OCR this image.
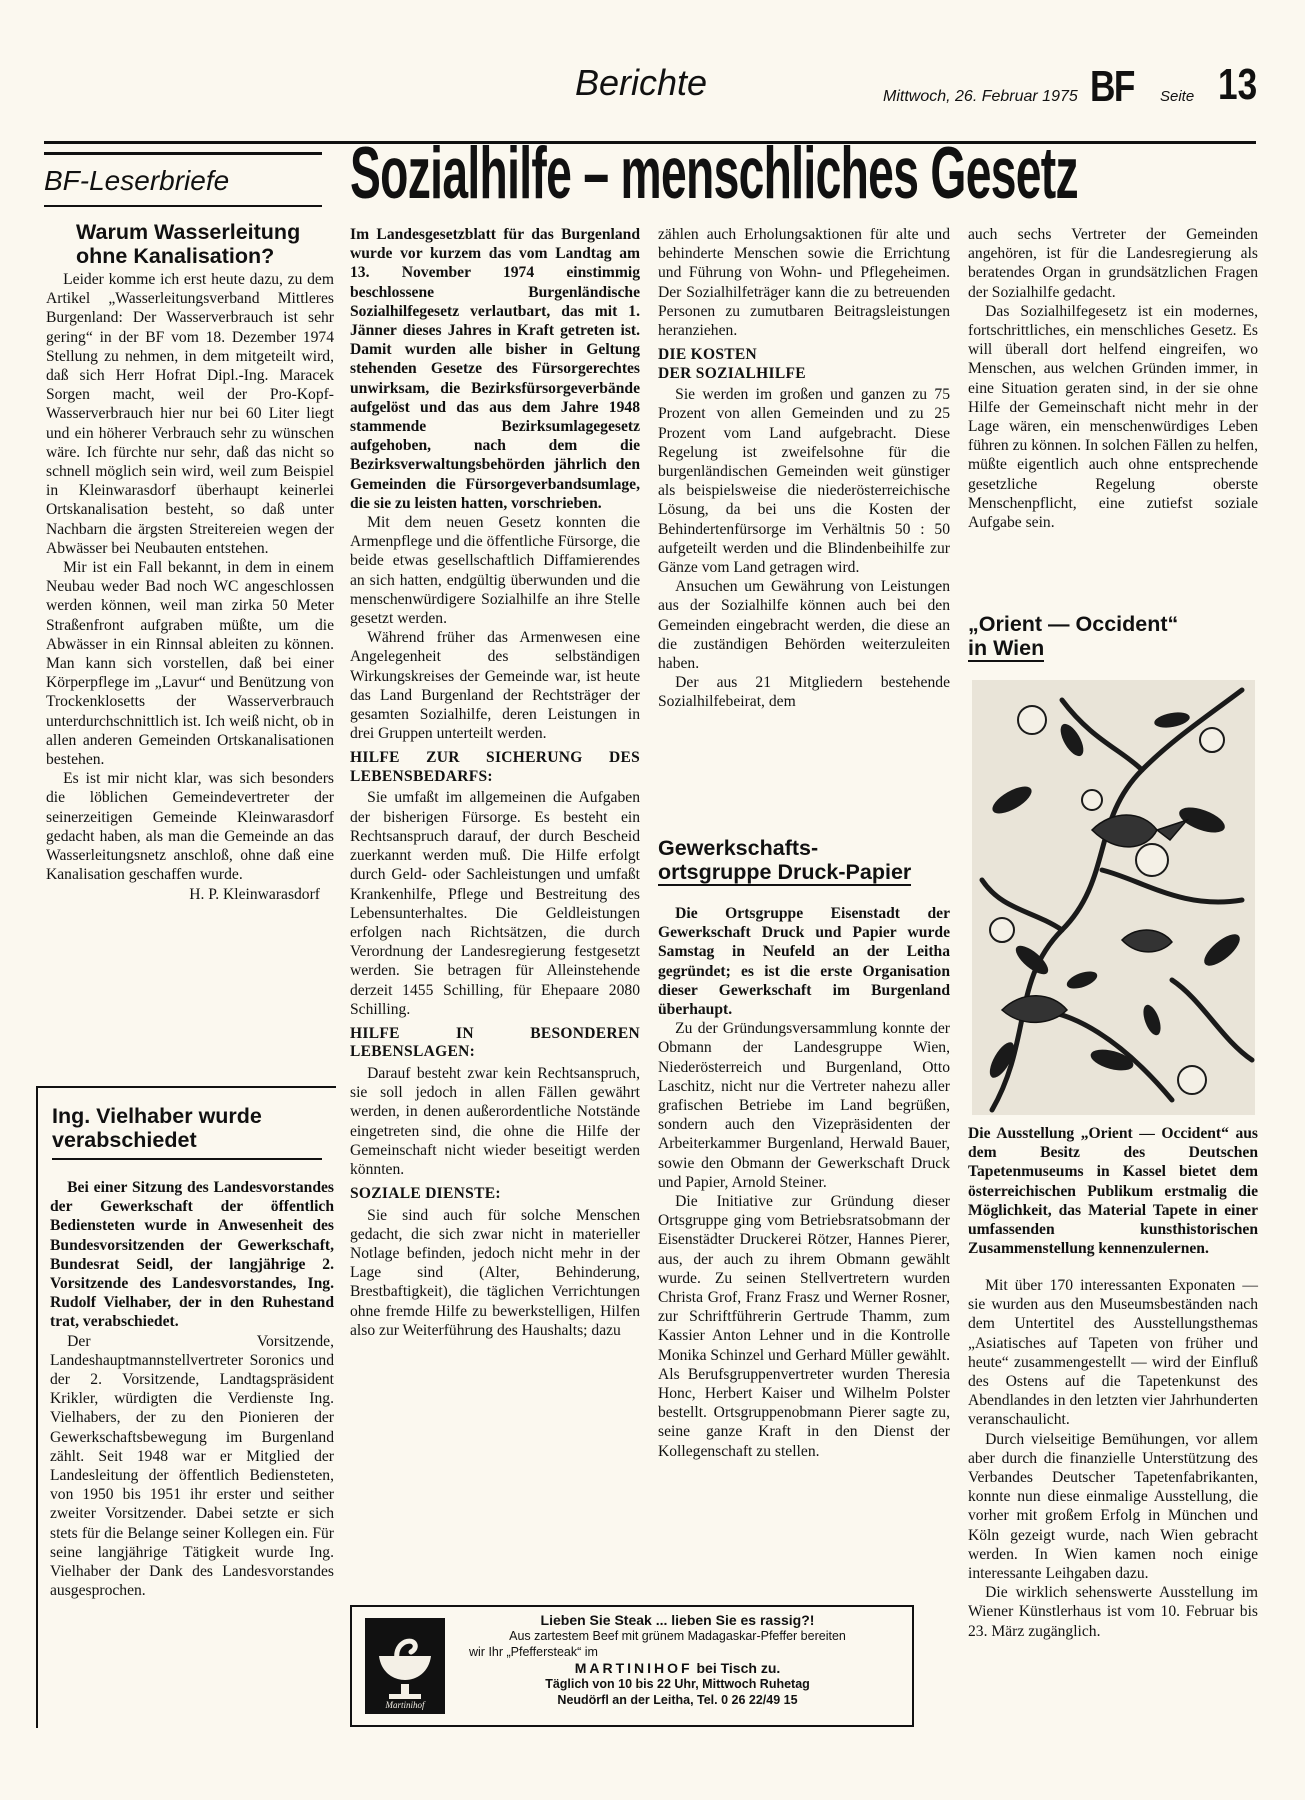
Berichte	Mittwoch, 26. Februar 1975 BF Seite 13
BF-Leserbriefe
Warum Wasserleitung ohne Kanalisation?

Leider komme ich erst heute dazu, zu dem Artikel „Wasserleitungsverband Mittleres Burgenland: Der Wasserverbrauch ist sehr gering“ in der BF vom 18. Dezember 1974 Stellung zu nehmen, in dem mitgeteilt wird, daß sich Herr Hofrat Dipl.-Ing. Maracek Sorgen macht, weil der Pro-Kopf-Wasserverbrauch hier nur bei 60 Liter liegt und ein höherer Verbrauch sehr zu wünschen wäre. Ich fürchte nur sehr, daß das nicht so schnell möglich sein wird, weil zum Beispiel in Kleinwarasdorf überhaupt keinerlei Ortskanalisation besteht, so daß unter Nachbarn die ärgsten Streitereien wegen der Abwässer bei Neubauten entstehen.

Mir ist ein Fall bekannt, in dem in einem Neubau weder Bad noch WC angeschlossen werden können, weil man zirka 50 Meter Straßenfront aufgraben müßte, um die Abwässer in ein Rinnsal ableiten zu können. Man kann sich vorstellen, daß bei einer Körperpflege im „Lavur“ und Benützung von Trockenklosetts der Wasserverbrauch unterdurchschnittlich ist. Ich weiß nicht, ob in allen anderen Gemeinden Ortskanalisationen bestehen.

Es ist mir nicht klar, was sich besonders die löblichen Gemeindevertreter der seinerzeitigen Gemeinde Kleinwarasdorf gedacht haben, als man die Gemeinde an das Wasserleitungsnetz anschloß, ohne daß eine Kanalisation geschaffen wurde.

H. P. Kleinwarasdorf

Ing. Vielhaber wurde verabschiedet

Bei einer Sitzung des Landesvorstandes der Gewerkschaft der öffentlich Bediensteten wurde in Anwesenheit des Bundesvorsitzenden der Gewerkschaft, Bundesrat Seidl, der langjährige 2. Vorsitzende des Landesvorstandes, Ing. Rudolf Vielhaber, der in den Ruhestand trat, verabschiedet.

Der Vorsitzende, Landeshauptmannstellvertreter Soronics und der 2. Vorsitzende, Landtagspräsident Krikler, würdigten die Verdienste Ing. Vielhabers, der zu den Pionieren der Gewerkschaftsbewegung im Burgenland zählt. Seit 1948 war er Mitglied der Landesleitung der öffentlich Bediensteten, von 1950 bis 1951 ihr erster und seither zweiter Vorsitzender. Dabei setzte er sich stets für die Belange seiner Kollegen ein. Für seine langjährige Tätigkeit wurde Ing. Vielhaber der Dank des Landesvorstandes ausgesprochen.

Sozialhilfe – menschliches Gesetz

Im Landesgesetzblatt für das Burgenland wurde vor kurzem das vom Landtag am 13. November 1974 einstimmig beschlossene Burgenländische Sozialhilfegesetz verlautbart, das mit 1. Jänner dieses Jahres in Kraft getreten ist. Damit wurden alle bisher in Geltung stehenden Gesetze des Fürsorgerechtes unwirksam, die Bezirksfürsorgeverbände aufgelöst und das aus dem Jahre 1948 stammende Bezirksumlagegesetz aufgehoben, nach dem die Bezirksverwaltungsbehörden jährlich den Gemeinden die Fürsorgeverbandsumlage, die sie zu leisten hatten, vorschrieben.

Mit dem neuen Gesetz konnten die Armenpflege und die öffentliche Fürsorge, die beide etwas gesellschaftlich Diffamierendes an sich hatten, endgültig überwunden und die menschenwürdigere Sozialhilfe an ihre Stelle gesetzt werden.

Während früher das Armenwesen eine Angelegenheit des selbständigen Wirkungskreises der Gemeinde war, ist heute das Land Burgenland der Rechtsträger der gesamten Sozialhilfe, deren Leistungen in drei Gruppen unterteilt werden.

HILFE ZUR SICHERUNG DES LEBENSBEDARFS:

Sie umfaßt im allgemeinen die Aufgaben der bisherigen Fürsorge. Es besteht ein Rechtsanspruch darauf, der durch Bescheid zuerkannt werden muß. Die Hilfe erfolgt durch Geld- oder Sachleistungen und umfaßt Krankenhilfe, Pflege und Bestreitung des Lebensunterhaltes. Die Geldleistungen erfolgen nach Richtsätzen, die durch Verordnung der Landesregierung festgesetzt werden. Sie betragen für Alleinstehende derzeit 1455 Schilling, für Ehepaare 2080 Schilling.

HILFE IN BESONDEREN LEBENSLAGEN:

Darauf besteht zwar kein Rechtsanspruch, sie soll jedoch in allen Fällen gewährt werden, in denen außerordentliche Notstände eingetreten sind, die ohne die Hilfe der Gemeinschaft nicht wieder beseitigt werden könnten.

SOZIALE DIENSTE:

Sie sind auch für solche Menschen gedacht, die sich zwar nicht in materieller Notlage befinden, jedoch nicht mehr in der Lage sind (Alter, Behinderung, Brestbaftigkeit), die täglichen Verrichtungen ohne fremde Hilfe zu bewerkstelligen, Hilfen also zur Weiterführung des Haushalts; dazu

zählen auch Erholungsaktionen für alte und behinderte Menschen sowie die Errichtung und Führung von Wohn- und Pflegeheimen. Der Sozialhilfeträger kann die zu betreuenden Personen zu zumutbaren Beitragsleistungen heranziehen.

DIE KOSTEN
DER SOZIALHILFE

Sie werden im großen und ganzen zu 75 Prozent von allen Gemeinden und zu 25 Prozent vom Land aufgebracht. Diese Regelung ist zweifelsohne für die burgenländischen Gemeinden weit günstiger als beispielsweise die niederösterreichische Lösung, da bei uns die Kosten der Behindertenfürsorge im Verhältnis 50 : 50 aufgeteilt werden und die Blindenbeihilfe zur Gänze vom Land getragen wird.

Ansuchen um Gewährung von Leistungen aus der Sozialhilfe können auch bei den Gemeinden eingebracht werden, die diese an die zuständigen Behörden weiterzuleiten haben.

Der aus 21 Mitgliedern bestehende Sozialhilfebeirat, dem

Gewerkschafts-
ortsgruppe Druck-Papier

Die Ortsgruppe Eisenstadt der Gewerkschaft Druck und Papier wurde Samstag in Neufeld an der Leitha gegründet; es ist die erste Organisation dieser Gewerkschaft im Burgenland überhaupt.

Zu der Gründungsversammlung konnte der Obmann der Landesgruppe Wien, Niederösterreich und Burgenland, Otto Laschitz, nicht nur die Vertreter nahezu aller grafischen Betriebe im Land begrüßen, sondern auch den Vizepräsidenten der Arbeiterkammer Burgenland, Herwald Bauer, sowie den Obmann der Gewerkschaft Druck und Papier, Arnold Steiner.

Die Initiative zur Gründung dieser Ortsgruppe ging vom Betriebsratsobmann der Eisenstädter Druckerei Rötzer, Hannes Pierer, aus, der auch zu ihrem Obmann gewählt wurde. Zu seinen Stellvertretern wurden Christa Grof, Franz Frasz und Werner Rosner, zur Schriftführerin Gertrude Thamm, zum Kassier Anton Lehner und in die Kontrolle Monika Schinzel und Gerhard Müller gewählt. Als Berufsgruppenvertreter wurden Theresia Honc, Herbert Kaiser und Wilhelm Polster bestellt. Ortsgruppenobmann Pierer sagte zu, seine ganze Kraft in den Dienst der Kollegenschaft zu stellen.

auch sechs Vertreter der Gemeinden angehören, ist für die Landesregierung als beratendes Organ in grundsätzlichen Fragen der Sozialhilfe gedacht.

Das Sozialhilfegesetz ist ein modernes, fortschrittliches, ein menschliches Gesetz. Es will überall dort helfend eingreifen, wo Menschen, aus welchen Gründen immer, in eine Situation geraten sind, in der sie ohne Hilfe der Gemeinschaft nicht mehr in der Lage wären, ein menschenwürdiges Leben führen zu können. In solchen Fällen zu helfen, müßte eigentlich auch ohne entsprechende gesetzliche Regelung oberste Menschenpflicht, eine zutiefst soziale Aufgabe sein.

„Orient — Occident“
in Wien
Die Ausstellung „Orient — Occident“ aus dem Besitz des Deutschen Tapetenmuseums in Kassel bietet dem österreichischen Publikum erstmalig die Möglichkeit, das Material Tapete in einer umfassenden kunsthistorischen Zusammenstellung kennenzulernen.

Mit über 170 interessanten Exponaten — sie wurden aus den Museumsbeständen nach dem Untertitel des Ausstellungsthemas „Asiatisches auf Tapeten von früher und heute“ zusammengestellt — wird der Einfluß des Ostens auf die Tapetenkunst des Abendlandes in den letzten vier Jahrhunderten veranschaulicht.

Durch vielseitige Bemühungen, vor allem aber durch die finanzielle Unterstützung des Verbandes Deutscher Tapetenfabrikanten, konnte nun diese einmalige Ausstellung, die vorher mit großem Erfolg in München und Köln gezeigt wurde, nach Wien gebracht werden. In Wien kamen noch einige interessante Leihgaben dazu.

Die wirklich sehenswerte Ausstellung im Wiener Künstlerhaus ist vom 10. Februar bis 23. März zugänglich.

Martinihof
Lieben Sie Steak ... lieben Sie es rassig?!
Aus zartestem Beef mit grünem Madagaskar-Pfeffer bereiten
wir Ihr „Pfeffersteak“ im
MARTINIHOF bei Tisch zu.
Täglich von 10 bis 22 Uhr, Mittwoch Ruhetag
Neudörfl an der Leitha, Tel. 0 26 22/49 15
